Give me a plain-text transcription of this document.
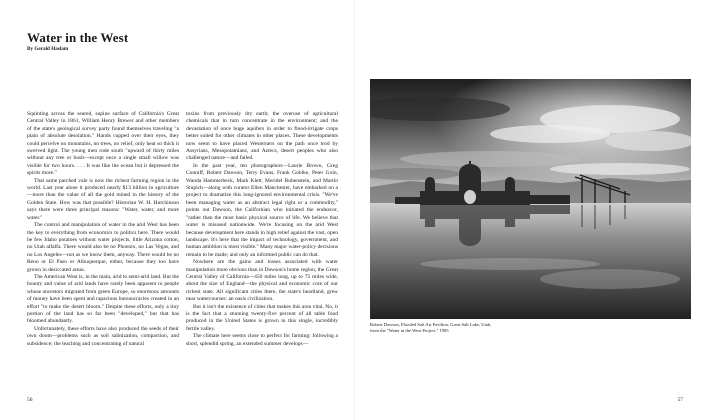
Water in the West
By Gerald Haslam

Squinting across the seared, supine surface of California's Great Central Valley in 1861, William Henry Brewer and other members of the state's geological survey party found themselves traveling "a plain of absolute desolation." Hands cupped over their eyes, they could perceive no mountains, no trees, no relief, only heat so thick it swerved light. The young men rode south "upward of thirty miles without any tree or bush—except once a single small willow was visible for two hours. . . . It was like the ocean but it depressed the spirits more."

That same parched vale is now the richest farming region in the world. Last year alone it produced nearly $13 billion in agriculture—more than the value of all the gold mined in the history of the Golden State. How was that possible? Historian W. H. Hutchinson says there were three principal reasons: "Water, water, and more water."

The control and manipulation of water in the arid West has been the key to everything from economics to politics here. There would be few Idaho potatoes without water projects, little Arizona cotton, no Utah alfalfa. There would also be no Phoenix, no Las Vegas, and no Los Angeles—not as we know them, anyway. There would be no Reno or El Paso or Albuquerque, either, because they too have grown in desiccated areas.

The American West is, in the main, arid to semi-arid land. But the bounty and value of arid lands have rarely been apparent to people whose ancestors migrated from green Europe, so enormous amounts of money have been spent and rapacious bureaucracies created in an effort "to make the desert bloom." Despite these efforts, only a tiny portion of the land has so far been "developed," but that has bloomed abundantly.

Unfortunately, these efforts have also produced the seeds of their own doom—problems such as soil salinization, compaction, and subsidence; the leaching and concentrating of natural

toxins from previously dry earth; the overuse of agricultural chemicals that in turn concentrate in the environment; and the devastation of once huge aquifers in order to flood-irrigate crops better suited for other climates in other places. These developments now seem to have placed Westerners on the path once trod by Assyrians, Mesopotamians, and Aztecs, desert peoples who also challenged nature—and failed.

In the past year, ten photographers—Laurie Brown, Greg Conniff, Robert Dawson, Terry Evans, Frank Gohlke, Peter Goin, Wanda Hammerbeck, Mark Klett, Meridel Rubenstein, and Martin Stupich—along with curator Ellen Manchester, have embarked on a project to dramatize this long-ignored environmental crisis. "We've been managing water as an abstract legal right or a commodity," points out Dawson, the Californian who initiated the endeavor, "rather than the most basic physical source of life. We believe that water is misused nationwide. We're focusing on the arid West because development here stands in high relief against the vast, open landscape. It's here that the impact of technology, government, and human ambition is most visible." Many major water-policy decisions remain to be made; and only an informed public can do that.

Nowhere are the gains and losses associated with water manipulation more obvious than in Dawson's home region, the Great Central Valley of California—450 miles long, up to 75 miles wide, about the size of England—the physical and economic core of our richest state. All significant cities there, the state's heartland, grew near watercourses: an oasis civilization.

But it isn't the existence of cities that makes this area vital. No, it is the fact that a stunning twenty-five percent of all table food produced in the United States is grown in this single, incredibly fertile valley.

The climate here seems close to perfect for farming: following a short, splendid spring, an extended summer develops—

Robert Dawson, Flooded Salt Air Pavilion, Great Salt Lake, Utah,
from the "Water in the West Project," 1985
56	57
